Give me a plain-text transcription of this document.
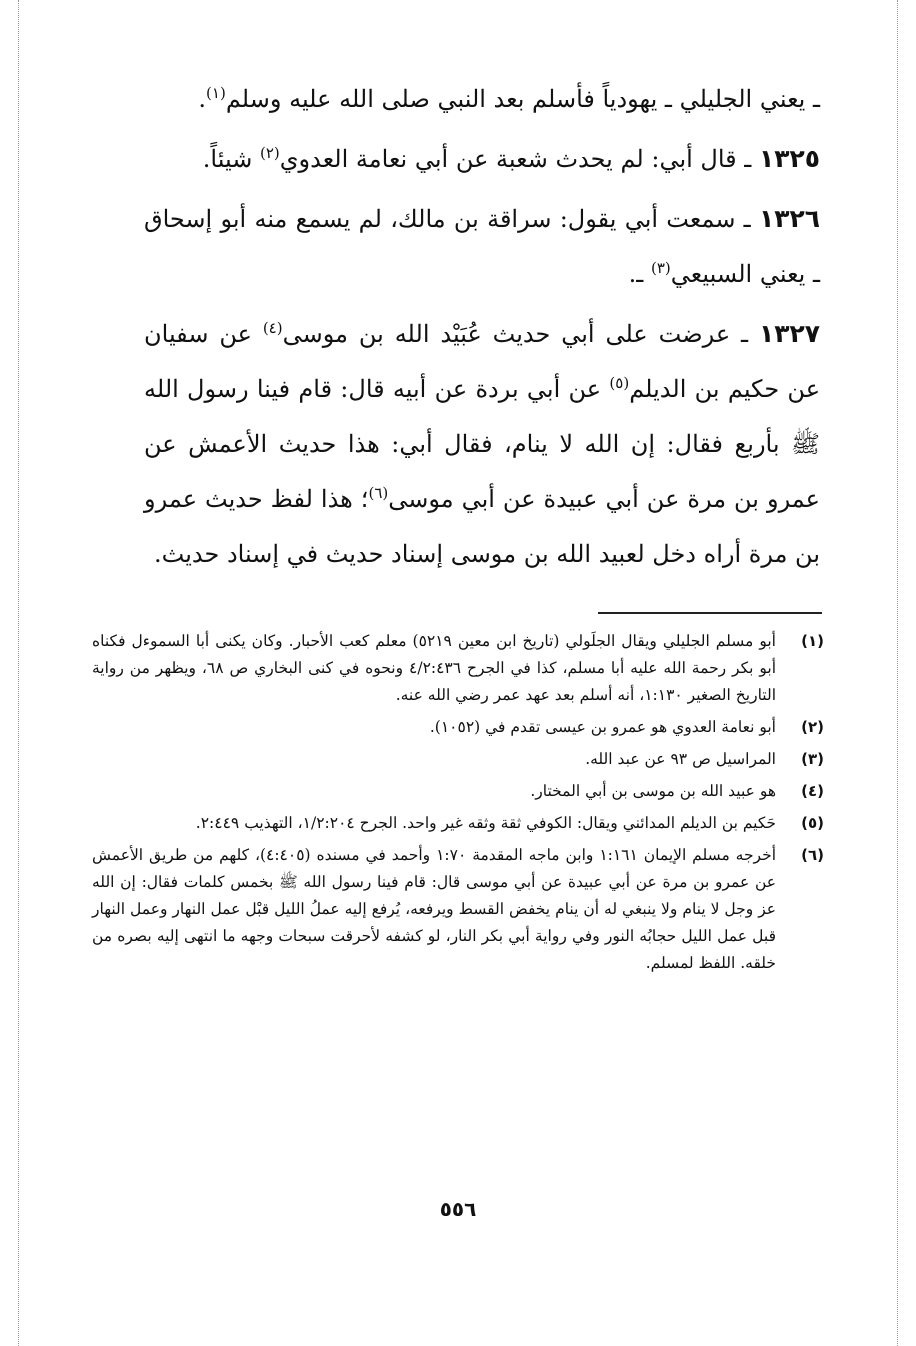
ـ يعني الجليلي ـ يهودياً فأسلم بعد النبي صلى الله عليه وسلم$^{(١)}$.

١٣٢٥ ـ قال أبي: لم يحدث شعبة عن أبي نعامة العدوي$^{(٢)}$ شيئاً.

١٣٢٦ ـ سمعت أبي يقول: سراقة بن مالك، لم يسمع منه أبو إسحاق ـ يعني السبيعي$^{(٣)}$ ـ.

١٣٢٧ ـ عرضت على أبي حديث عُبَيْد الله بن موسى$^{(٤)}$ عن سفيان عن حكيم بن الديلم$^{(٥)}$ عن أبي بردة عن أبيه قال: قام فينا رسول الله ﷺ بأربع فقال: إن الله لا ينام، فقال أبي: هذا حديث الأعمش عن عمرو بن مرة عن أبي عبيدة عن أبي موسى$^{(٦)}$؛ هذا لفظ حديث عمرو بن مرة أراه دخل لعبيد الله بن موسى إسناد حديث في إسناد حديث.

(١)
أبو مسلم الجليلي ويقال الجلَولي (تاريخ ابن معين ٥٢١٩) معلم كعب الأحبار. وكان يكنى أبا السموءل فكناه أبو بكر رحمة الله عليه أبا مسلم، كذا في الجرح ٤/٢:٤٣٦ ونحوه في كنى البخاري ص ٦٨، ويظهر من رواية التاريخ الصغير ١:١٣٠، أنه أسلم بعد عهد عمر رضي الله عنه.
(٢)
أبو نعامة العدوي هو عمرو بن عيسى تقدم في (١٠٥٢).
(٣)
المراسيل ص ٩٣ عن عبد الله.
(٤)
هو عبيد الله بن موسى بن أبي المختار.
(٥)
حَكيم بن الديلم المدائني ويقال: الكوفي ثقة وثقه غير واحد. الجرح ١/٢:٢٠٤، التهذيب ٢:٤٤٩.
(٦)
أخرجه مسلم الإيمان ١:١٦١ وابن ماجه المقدمة ١:٧٠ وأحمد في مسنده (٤:٤٠٥)، كلهم من طريق الأعمش عن عمرو بن مرة عن أبي عبيدة عن أبي موسى قال: قام فينا رسول الله ﷺ بخمس كلمات فقال: إن الله عز وجل لا ينام ولا ينبغي له أن ينام يخفض القسط ويرفعه، يُرفع إليه عملُ الليل قبْل عمل النهار وعمل النهار قبل عمل الليل حجابُه النور وفي رواية أبي بكر النار، لو كشفه لأحرقت سبحات وجهه ما انتهى إليه بصره من خلقه. اللفظ لمسلم.
٥٥٦
